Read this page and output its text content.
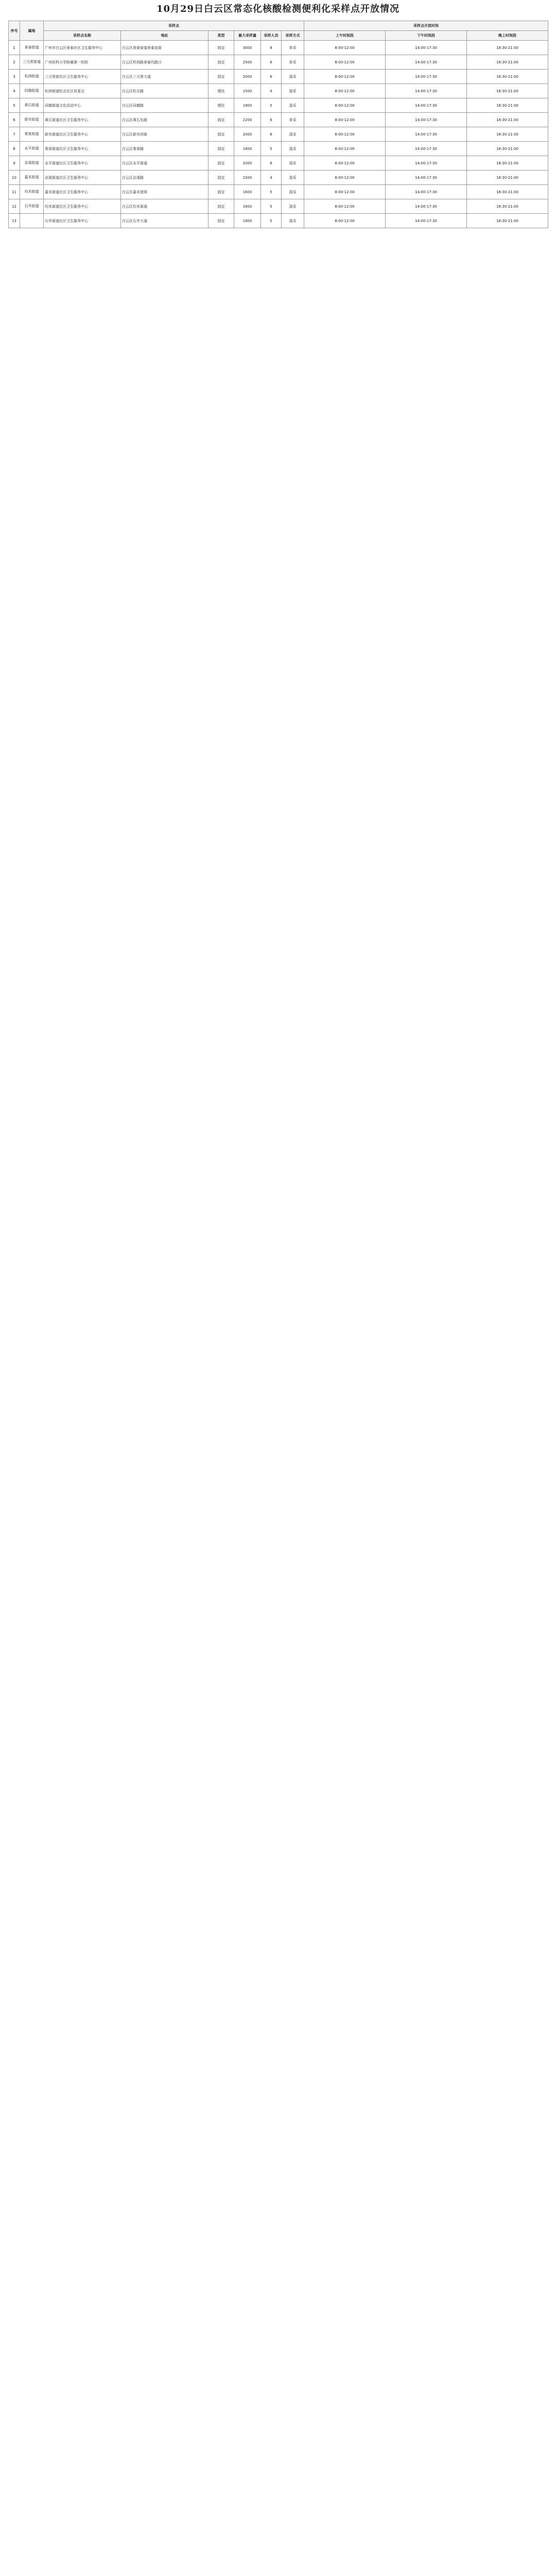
10月29日白云区常态化核酸检测便利化采样点开放情况
序号	属地	采样点						采样点开放时间		
		采样点名称	地址	类型	最大采样量	采样人员	采样方式	上午时间段	下午时间段	晚上时间段
1	景泰街道	广州市白云区景泰社区卫生服务中心	白云区景泰街道景泰直街	固定	3000	8	单采	8:00-12:00	14:00-17:30	18:30-21:00
2	三元里街道	广州医科大学附属第一医院	白云区机场路景泰坑路口	固定	2500	6	单采	8:00-12:00	14:00-17:30	18:30-21:00
3	松洲街道	三元里街社区卫生服务中心	白云区三元里大道	固定	2000	6	混采	8:00-12:00	14:00-17:30	18:30-21:00
4	同德街道	松洲街道松北社区居委会	白云区松北路	便民	1500	4	混采	8:00-12:00	14:00-17:30	18:30-21:00
5	黄石街道	同德街道文化活动中心	白云区同德路	便民	1800	5	混采	8:00-12:00	14:00-17:30	18:30-21:00
6	新市街道	黄石街道社区卫生服务中心	白云区黄石东路	固定	2200	6	单采	8:00-12:00	14:00-17:30	18:30-21:00
7	棠景街道	新市街道社区卫生服务中心	白云区新市西街	固定	2000	6	混采	8:00-12:00	14:00-17:30	18:30-21:00
8	永平街道	棠景街道社区卫生服务中心	白云区棠景路	固定	1800	5	混采	8:00-12:00	14:00-17:30	18:30-21:00
9	京溪街道	永平街道社区卫生服务中心	白云区永平街道	固定	2000	6	混采	8:00-12:00	14:00-17:30	18:30-21:00
10	嘉禾街道	京溪街道社区卫生服务中心	白云区京溪路	固定	1500	4	混采	8:00-12:00	14:00-17:30	18:30-21:00
11	均禾街道	嘉禾街道社区卫生服务中心	白云区嘉禾望岗	固定	1600	5	混采	8:00-12:00	14:00-17:30	18:30-21:00
12	石井街道	均禾街道社区卫生服务中心	白云区均禾街道	固定	1600	5	混采	8:00-12:00	14:00-17:30	18:30-21:00
13		石井街道社区卫生服务中心	白云区石井大道	固定	1800	5	混采	8:00-12:00	14:00-17:30	18:30-21:00
